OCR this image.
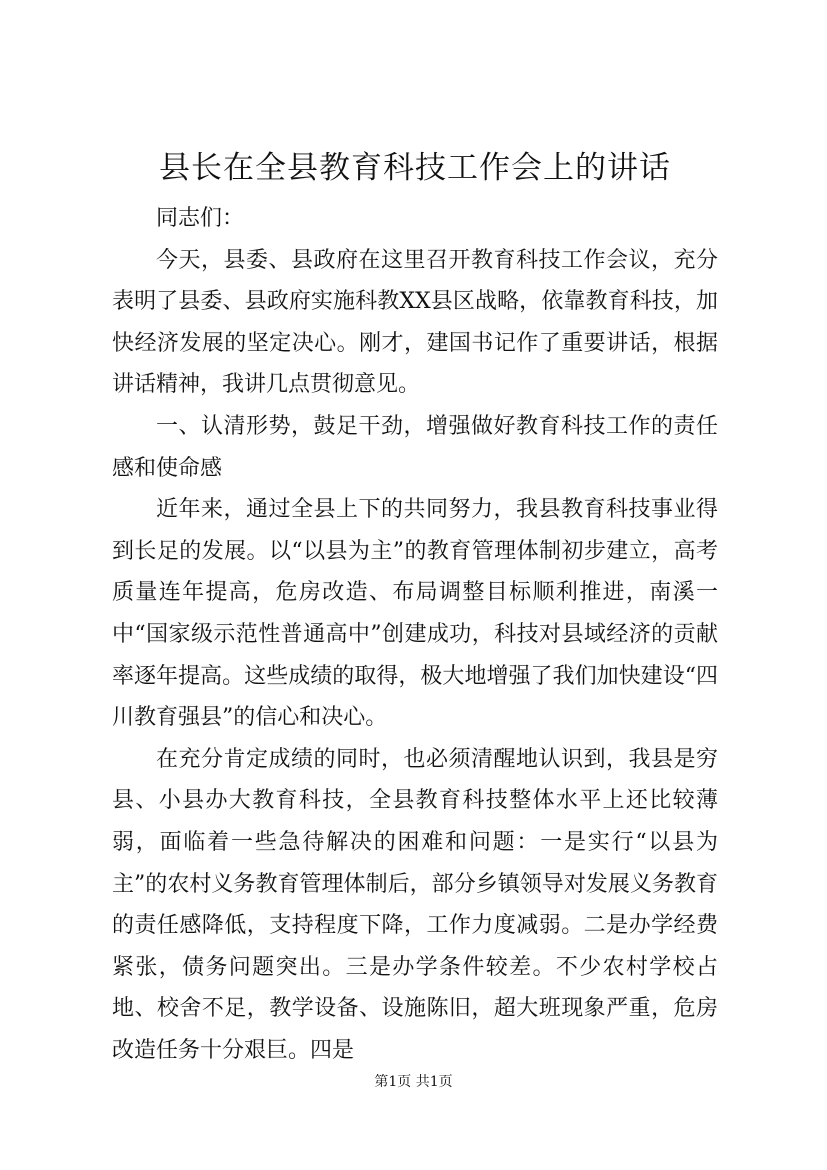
县长在全县教育科技工作会上的讲话

同志们：

今天，县委、县政府在这里召开教育科技工作会议，充分表明了县委、县政府实施科教XX县区战略，依靠教育科技，加快经济发展的坚定决心。刚才，建国书记作了重要讲话，根据讲话精神，我讲几点贯彻意见。

一、认清形势，鼓足干劲，增强做好教育科技工作的责任感和使命感

近年来，通过全县上下的共同努力，我县教育科技事业得到长足的发展。以“以县为主”的教育管理体制初步建立，高考质量连年提高，危房改造、布局调整目标顺利推进，南溪一中“国家级示范性普通高中”创建成功，科技对县域经济的贡献率逐年提高。这些成绩的取得，极大地增强了我们加快建设“四川教育强县”的信心和决心。

在充分肯定成绩的同时，也必须清醒地认识到，我县是穷县、小县办大教育科技，全县教育科技整体水平上还比较薄弱，面临着一些急待解决的困难和问题：一是实行“以县为主”的农村义务教育管理体制后，部分乡镇领导对发展义务教育的责任感降低，支持程度下降，工作力度减弱。二是办学经费紧张，债务问题突出。三是办学条件较差。不少农村学校占地、校舍不足，教学设备、设施陈旧，超大班现象严重，危房改造任务十分艰巨。四是

第1页 共1页
